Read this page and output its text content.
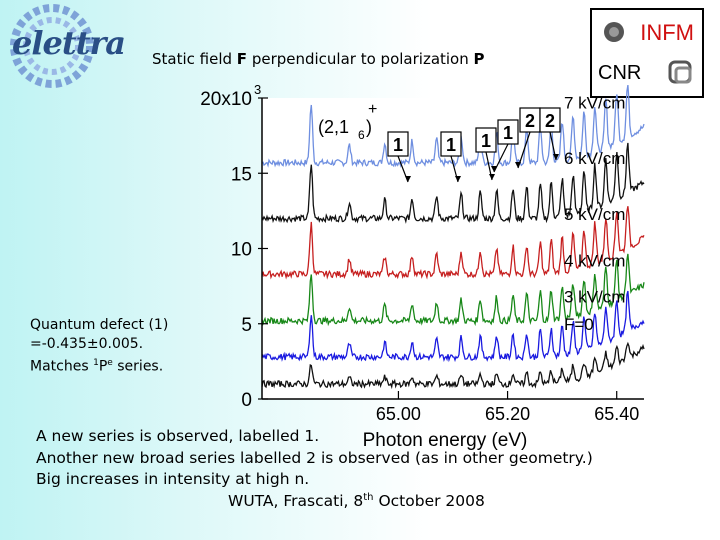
elettra Static field F perpendicular to polarization P
INFM
CNR
0
5
10
15
20x10 3
65.00	65.20	65.40
Photon energy (eV)
7 kV/cm
6 kV/cm
5 kV/cm
4 kV/cm
3 kV/cm
F=0
(2,1 6 )
+
1 1 1 1
2 2
Quantum defect (1)
=-0.435±0.005.
Matches $^1P^e$ series.
A new series is observed, labelled 1.
Another new broad series labelled 2 is observed (as in other geometry.)
Big increases in intensity at high n.
WUTA, Frascati, 8th October 2008
